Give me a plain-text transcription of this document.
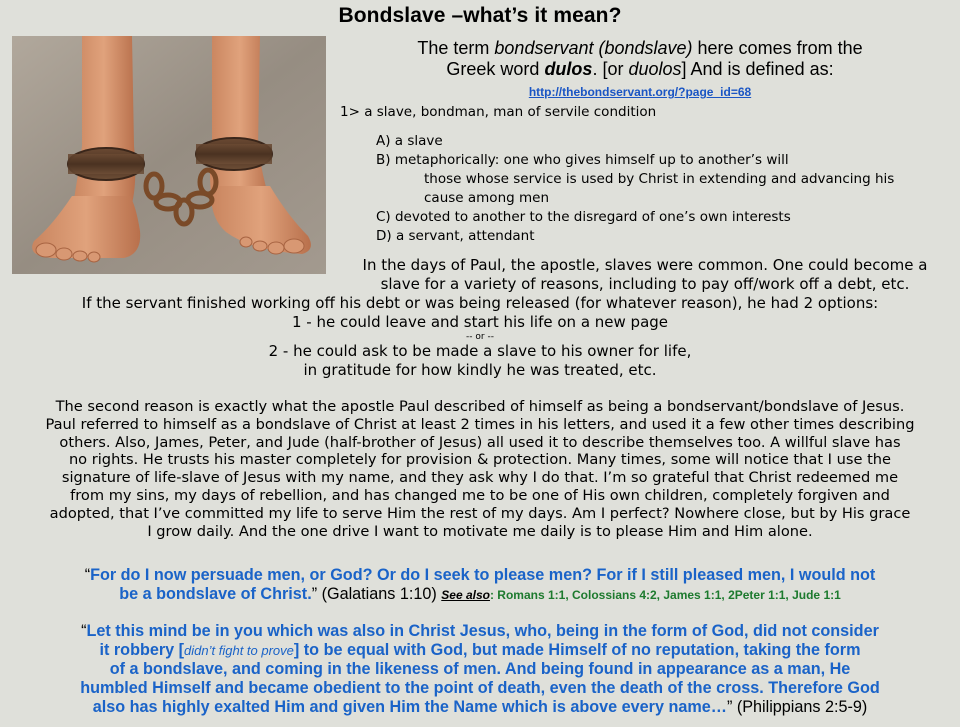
Bondslave –what’s it mean?
The term bondservant (bondslave) here comes from the
Greek word dulos. [or duolos] And is defined as:
http://thebondservant.org/?page_id=68
1> a slave, bondman, man of servile condition
A) a slave
B) metaphorically: one who gives himself up to another’s will
those whose service is used by Christ in extending and advancing his
cause among men
C) devoted to another to the disregard of one’s own interests
D) a servant, attendant
In the days of Paul, the apostle, slaves were common. One could become a
slave for a variety of reasons, including to pay off/work off a debt, etc.
If the servant finished working off his debt or was being released (for whatever reason), he had 2 options:
1 - he could leave and start his life on a new page
-- or --
2 - he could ask to be made a slave to his owner for life,
in gratitude for how kindly he was treated, etc.
The second reason is exactly what the apostle Paul described of himself as being a bondservant/bondslave of Jesus.
Paul referred to himself as a bondslave of Christ at least 2 times in his letters, and used it a few other times describing
others. Also, James, Peter, and Jude (half-brother of Jesus) all used it to describe themselves too. A willful slave has
no rights. He trusts his master completely for provision & protection. Many times, some will notice that I use the
signature of life-slave of Jesus with my name, and they ask why I do that. I’m so grateful that Christ redeemed me
from my sins, my days of rebellion, and has changed me to be one of His own children, completely forgiven and
adopted, that I’ve committed my life to serve Him the rest of my days. Am I perfect? Nowhere close, but by His grace
I grow daily. And the one drive I want to motivate me daily is to please Him and Him alone.
“For do I now persuade men, or God? Or do I seek to please men? For if I still pleased men, I would not
be a bondslave of Christ.” (Galatians 1:10) See also: Romans 1:1, Colossians 4:2, James 1:1, 2Peter 1:1, Jude 1:1
“Let this mind be in you which was also in Christ Jesus, who, being in the form of God, did not consider
it robbery [didn’t fight to prove] to be equal with God, but made Himself of no reputation, taking the form
of a bondslave, and coming in the likeness of men. And being found in appearance as a man, He
humbled Himself and became obedient to the point of death, even the death of the cross. Therefore God
also has highly exalted Him and given Him the Name which is above every name…” (Philippians 2:5-9)
